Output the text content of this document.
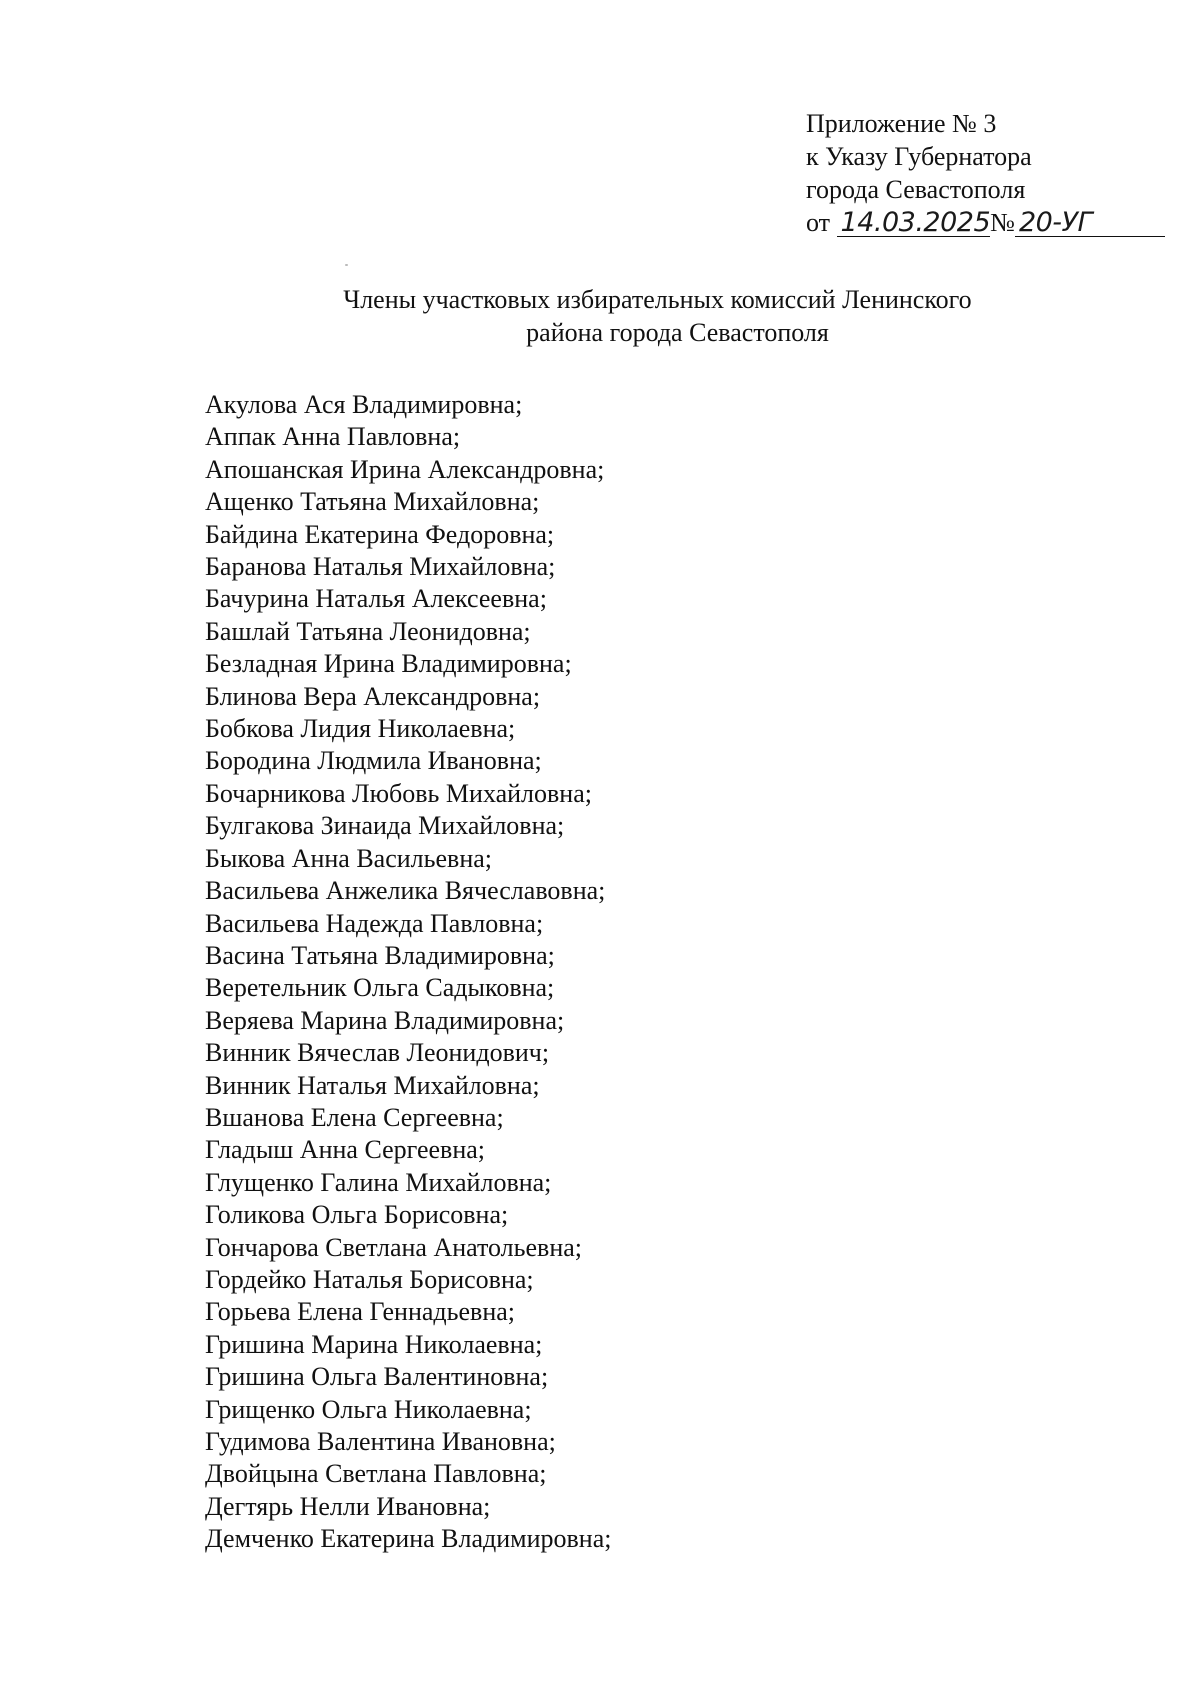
Приложение № 3
к Указу Губернатора
города Севастополя
от 14.03.2025№ 20-УГ
Члены участковых избирательных комиссий Ленинского
района города Севастополя
Акулова Ася Владимировна;
Аппак Анна Павловна;
Апошанская Ирина Александровна;
Ащенко Татьяна Михайловна;
Байдина Екатерина Федоровна;
Баранова Наталья Михайловна;
Бачурина Наталья Алексеевна;
Башлай Татьяна Леонидовна;
Безладная Ирина Владимировна;
Блинова Вера Александровна;
Бобкова Лидия Николаевна;
Бородина Людмила Ивановна;
Бочарникова Любовь Михайловна;
Булгакова Зинаида Михайловна;
Быкова Анна Васильевна;
Васильева Анжелика Вячеславовна;
Васильева Надежда Павловна;
Васина Татьяна Владимировна;
Веретельник Ольга Садыковна;
Веряева Марина Владимировна;
Винник Вячеслав Леонидович;
Винник Наталья Михайловна;
Вшанова Елена Сергеевна;
Гладыш Анна Сергеевна;
Глущенко Галина Михайловна;
Голикова Ольга Борисовна;
Гончарова Светлана Анатольевна;
Гордейко Наталья Борисовна;
Горьева Елена Геннадьевна;
Гришина Марина Николаевна;
Гришина Ольга Валентиновна;
Грищенко Ольга Николаевна;
Гудимова Валентина Ивановна;
Двойцына Светлана Павловна;
Дегтярь Нелли Ивановна;
Демченко Екатерина Владимировна;
